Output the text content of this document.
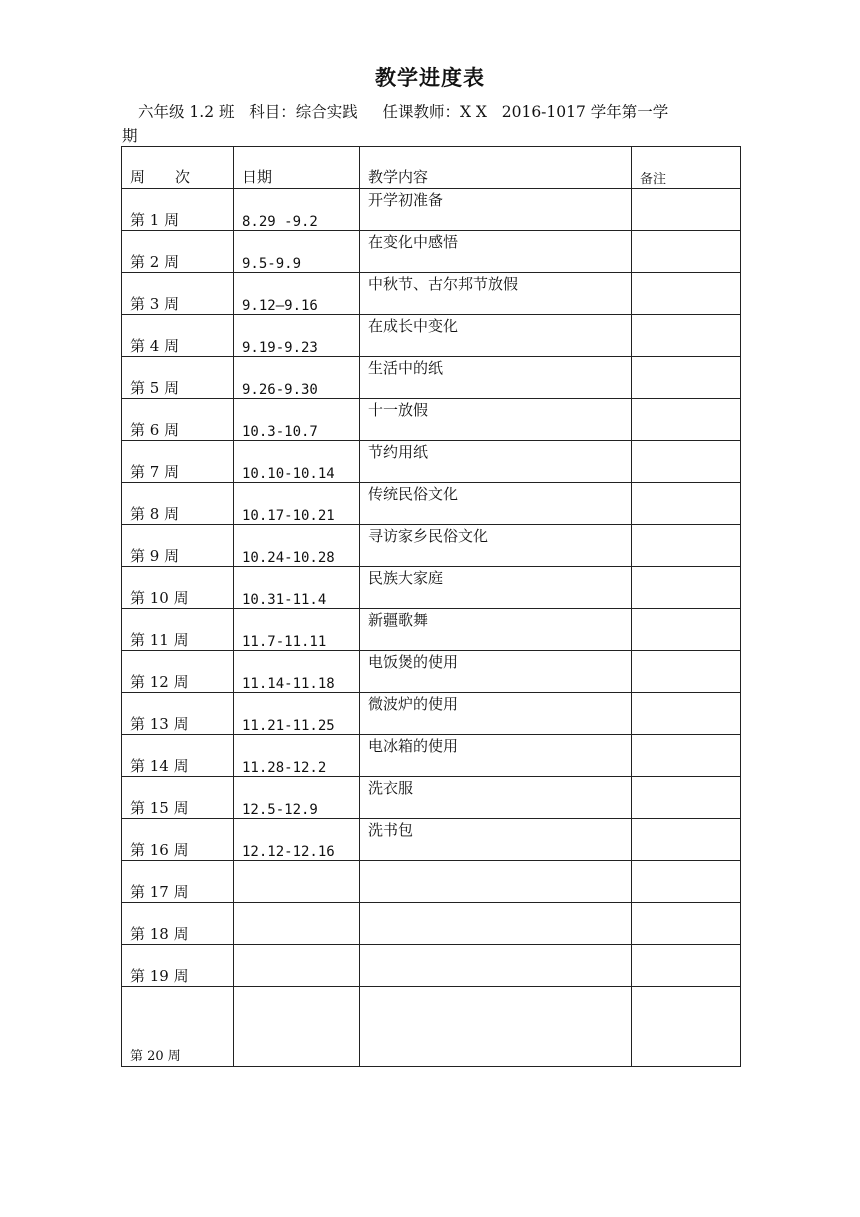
教学进度表
六年级 1.2 班 科目：综合实践 任课教师：X X 2016-1017 学年第一学期
周　　次	日期	教学内容	备注
第 1 周	8.29 -9.2	开学初准备	
第 2 周	9.5-9.9	在变化中感悟	
第 3 周	9.12—9.16	中秋节、古尔邦节放假	
第 4 周	9.19-9.23	在成长中变化	
第 5 周	9.26-9.30	生活中的纸	
第 6 周	10.3-10.7	十一放假	
第 7 周	10.10-10.14	节约用纸	
第 8 周	10.17-10.21	传统民俗文化	
第 9 周	10.24-10.28	寻访家乡民俗文化	
第 10 周	10.31-11.4	民族大家庭	
第 11 周	11.7-11.11	新疆歌舞	
第 12 周	11.14-11.18	电饭煲的使用	
第 13 周	11.21-11.25	微波炉的使用	
第 14 周	11.28-12.2	电冰箱的使用	
第 15 周	12.5-12.9	洗衣服	
第 16 周	12.12-12.16	洗书包	
第 17 周			
第 18 周			
第 19 周			
第 20 周			
